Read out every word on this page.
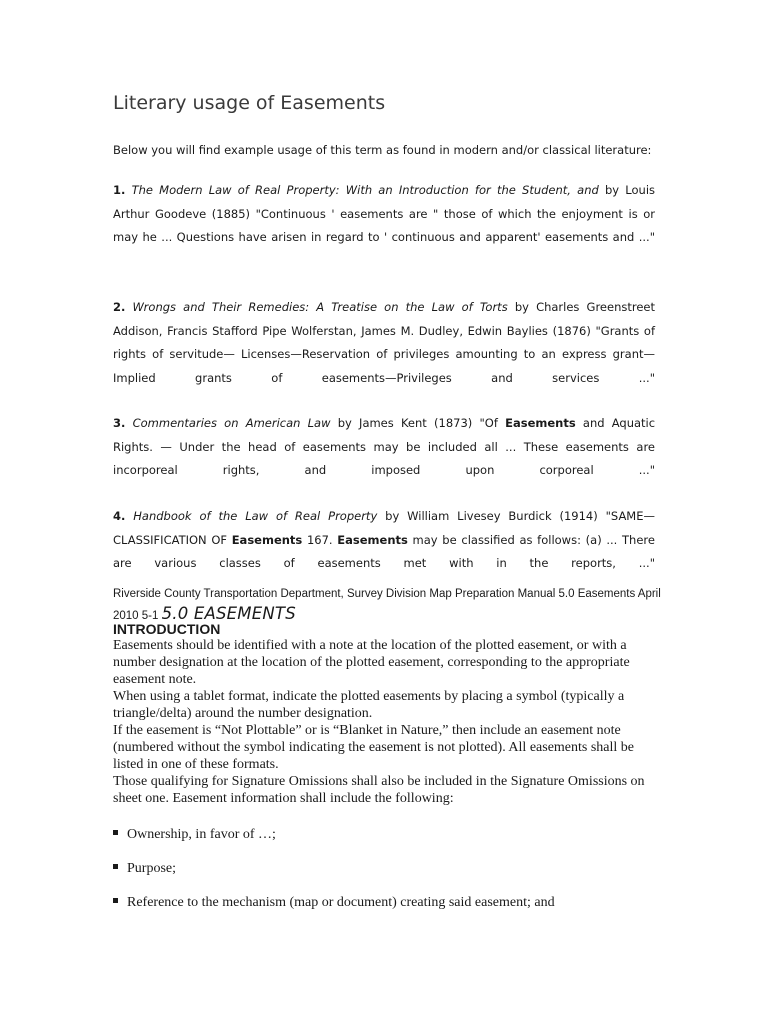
Literary usage of Easements

Below you will find example usage of this term as found in modern and/or classical literature:

1. The Modern Law of Real Property: With an Introduction for the Student, and by Louis Arthur Goodeve (1885) "Continuous ' easements are " those of which the enjoyment is or may he ... Questions have arisen in regard to ' continuous and apparent' easements and ..."

2. Wrongs and Their Remedies: A Treatise on the Law of Torts by Charles Greenstreet Addison, Francis Stafford Pipe Wolferstan, James M. Dudley, Edwin Baylies (1876) "Grants of rights of servitude— Licenses—Reservation of privileges amounting to an express grant—Implied grants of easements—Privileges and services ..."

3. Commentaries on American Law by James Kent (1873) "Of Easements and Aquatic Rights. — Under the head of easements may be included all ... These easements are incorporeal rights, and imposed upon corporeal ..."

4. Handbook of the Law of Real Property by William Livesey Burdick (1914) "SAME—CLASSIFICATION OF Easements 167. Easements may be classified as follows: (a) ... There are various classes of easements met with in the reports, ..."

Riverside County Transportation Department, Survey Division Map Preparation Manual 5.0 Easements April
2010 5-1 5.0 EASEMENTS
INTRODUCTION

Easements should be identified with a note at the location of the plotted easement, or with a number designation at the location of the plotted easement, corresponding to the appropriate easement note.

When using a tablet format, indicate the plotted easements by placing a symbol (typically a triangle/delta) around the number designation.

If the easement is “Not Plottable” or is “Blanket in Nature,” then include an easement note (numbered without the symbol indicating the easement is not plotted). All easements shall be listed in one of these formats.

Those qualifying for Signature Omissions shall also be included in the Signature Omissions on sheet one. Easement information shall include the following:

Ownership, in favor of …;
Purpose;
Reference to the mechanism (map or document) creating said easement; and
